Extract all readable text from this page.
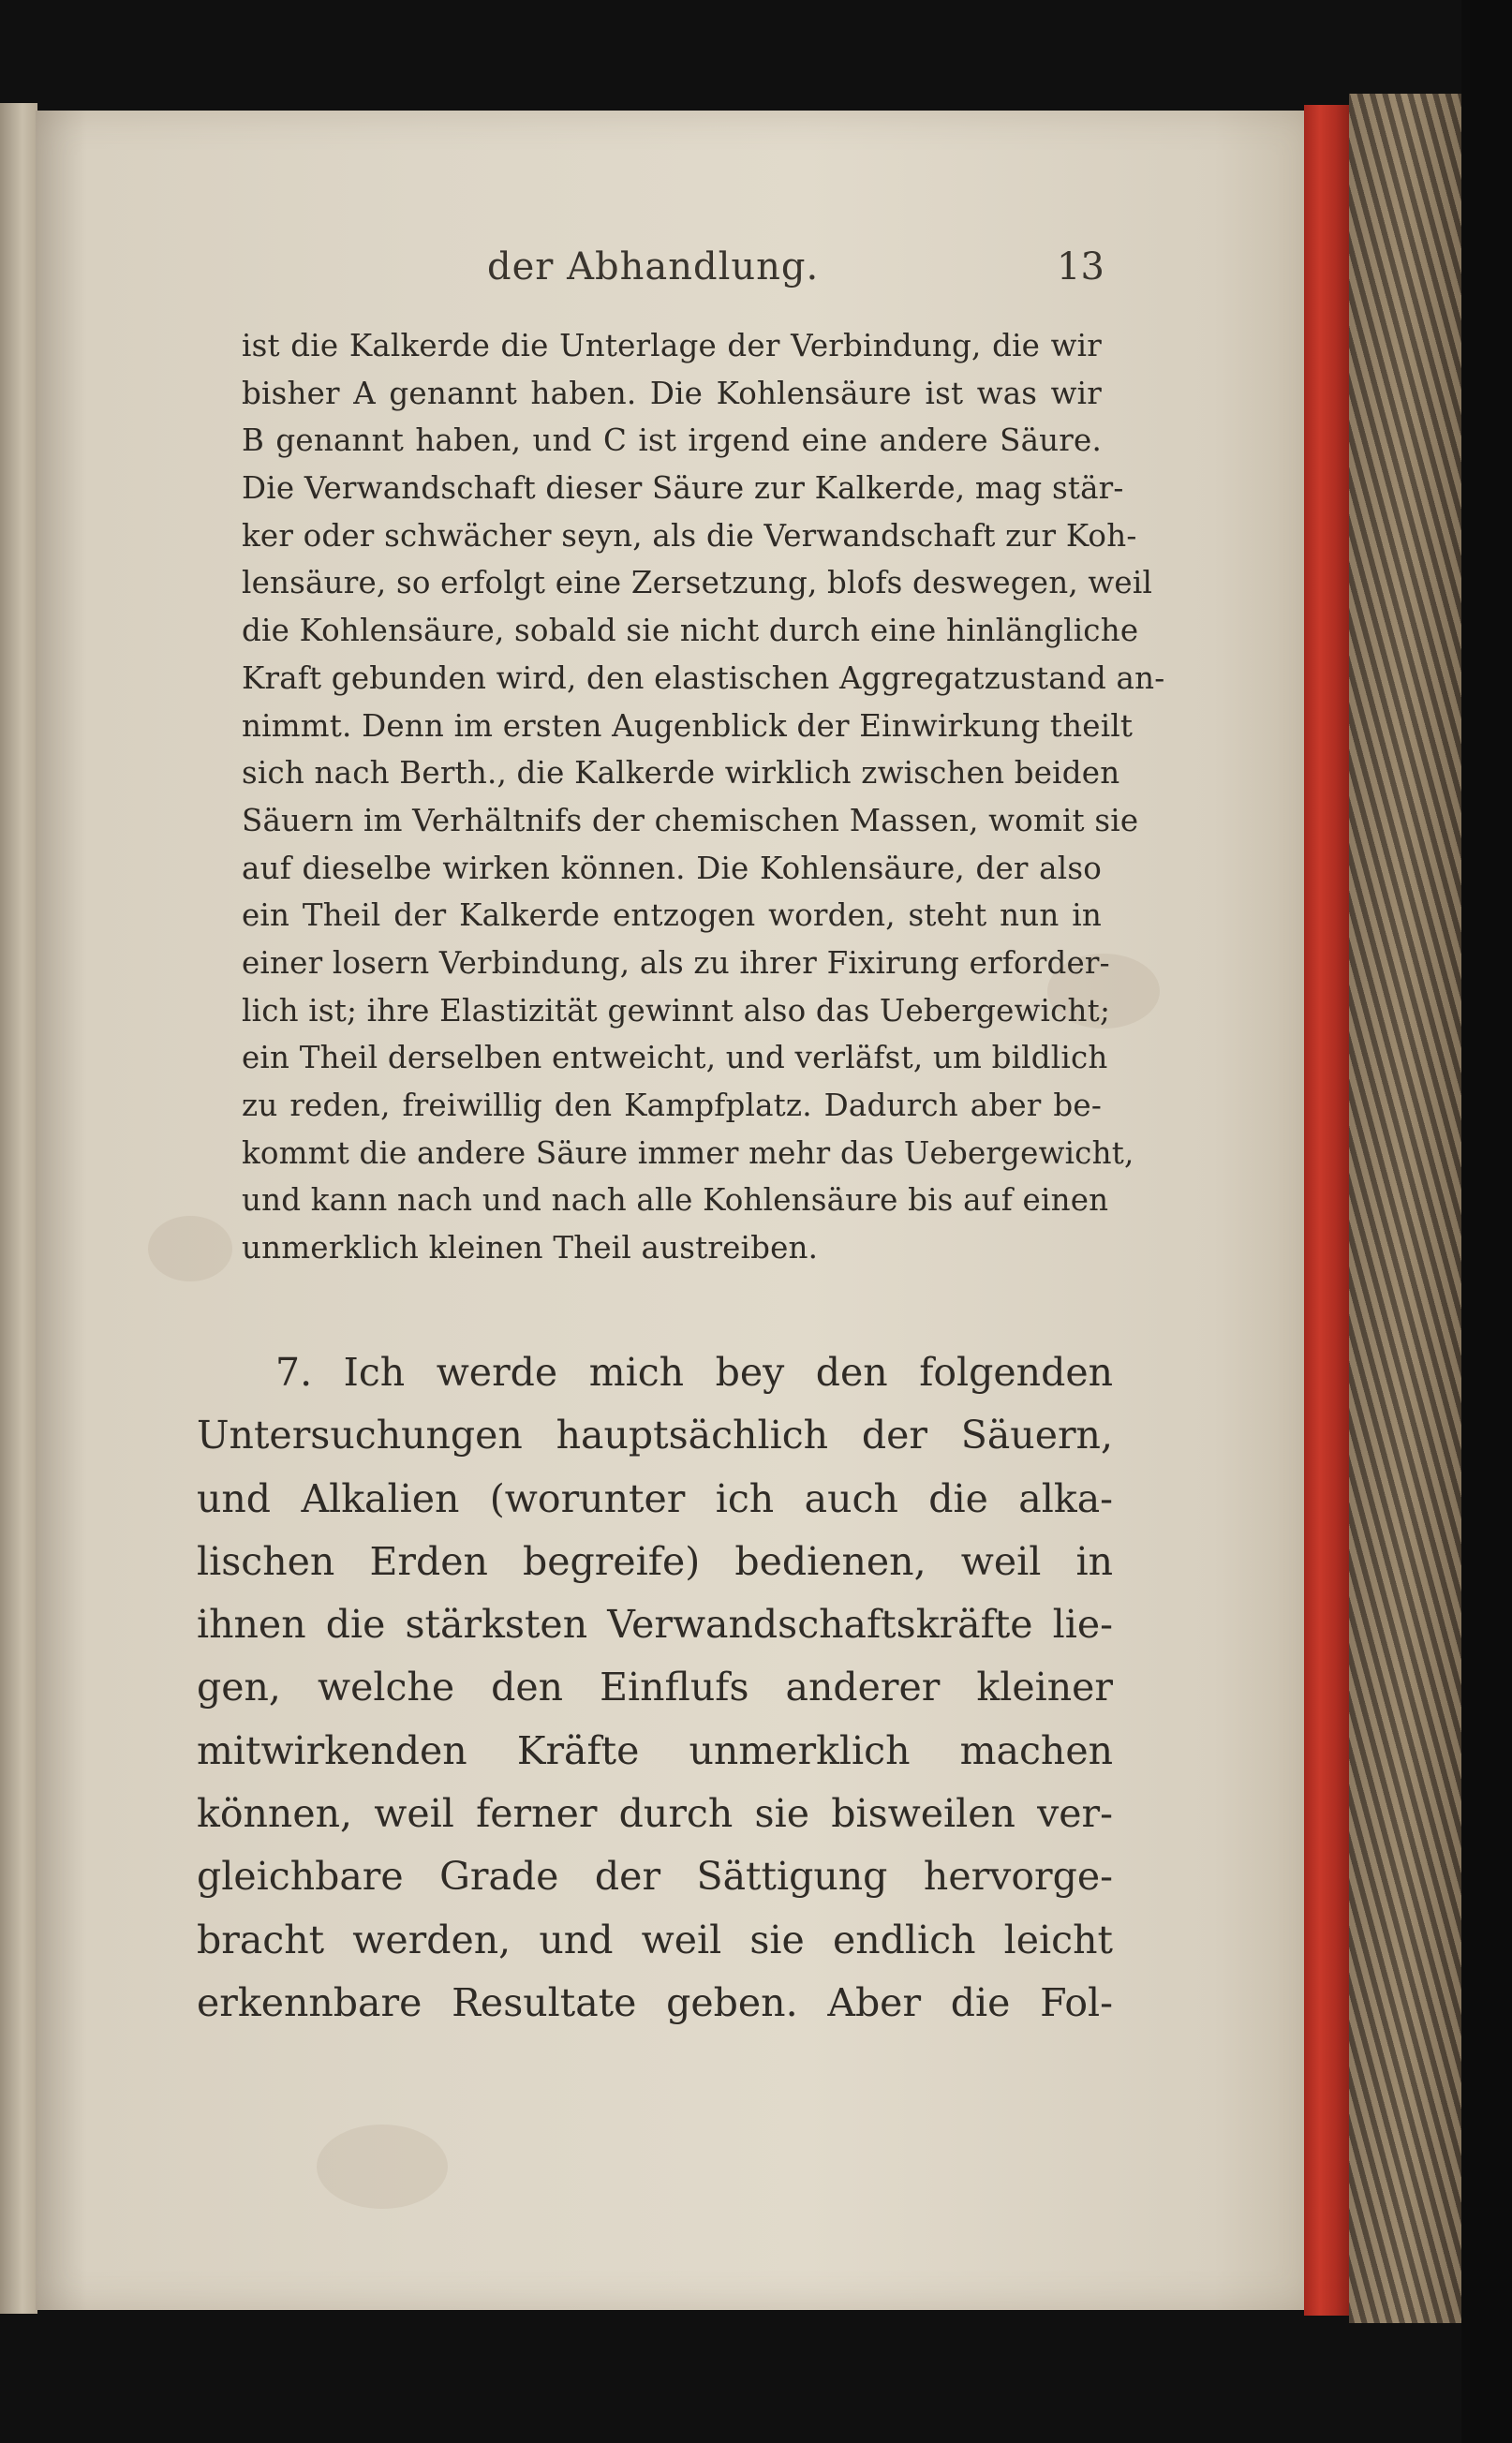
der Abhandlung.	13
ist die Kalkerde die Unterlage der Verbindung, die wir
bisher A genannt haben. Die Kohlensäure ist was wir
B genannt haben, und C ist irgend eine andere Säure.
Die Verwandschaft dieser Säure zur Kalkerde, mag stär-
ker oder schwächer seyn, als die Verwandschaft zur Koh-
lensäure, so erfolgt eine Zersetzung, blofs deswegen, weil
die Kohlensäure, sobald sie nicht durch eine hinlängliche
Kraft gebunden wird, den elastischen Aggregatzustand an-
nimmt. Denn im ersten Augenblick der Einwirkung theilt
sich nach Berth., die Kalkerde wirklich zwischen beiden
Säuern im Verhältnifs der chemischen Massen, womit sie
auf dieselbe wirken können. Die Kohlensäure, der also
ein Theil der Kalkerde entzogen worden, steht nun in
einer losern Verbindung, als zu ihrer Fixirung erforder-
lich ist; ihre Elastizität gewinnt also das Uebergewicht;
ein Theil derselben entweicht, und verläfst, um bildlich
zu reden, freiwillig den Kampfplatz. Dadurch aber be-
kommt die andere Säure immer mehr das Uebergewicht,
und kann nach und nach alle Kohlensäure bis auf einen
unmerklich kleinen Theil austreiben.
7. Ich werde mich bey den folgenden
Untersuchungen hauptsächlich der Säuern,
und Alkalien (worunter ich auch die alka-
lischen Erden begreife) bedienen, weil in
ihnen die stärksten Verwandschaftskräfte lie-
gen, welche den Einflufs anderer kleiner
mitwirkenden Kräfte unmerklich machen
können, weil ferner durch sie bisweilen ver-
gleichbare Grade der Sättigung hervorge-
bracht werden, und weil sie endlich leicht
erkennbare Resultate geben. Aber die Fol-
